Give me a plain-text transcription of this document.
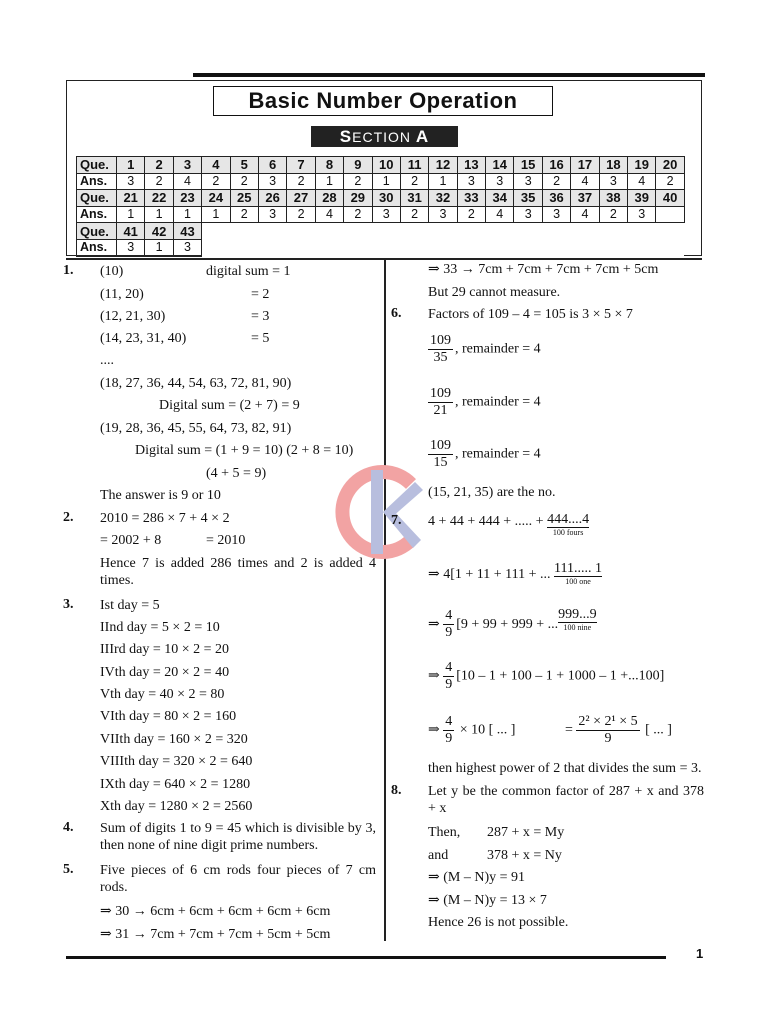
Basic Number Operation
SECTION A
Que.	1	2	3	4	5	6	7	8	9	10	11	12	13	14	15	16	17	18	19	20
Ans.	3	2	4	2	2	3	2	1	2	1	2	1	3	3	3	2	4	3	4	2
Que.	21	22	23	24	25	26	27	28	29	30	31	32	33	34	35	36	37	38	39	40
Ans.	1	1	1	1	2	3	2	4	2	3	2	3	2	4	3	3	4	2	3	
Que.	41	42	43																	
Ans.	3	1	3																	
1. (10)	digital sum = 1
(11, 20)	= 2
(12, 21, 30)	= 3
(14, 23, 31, 40)	= 5
....
(18, 27, 36, 44, 54, 63, 72, 81, 90)
Digital sum = (2 + 7) = 9
(19, 28, 36, 45, 55, 64, 73, 82, 91)
Digital sum = (1 + 9 = 10) (2 + 8 = 10)
(4 + 5 = 9)
The answer is 9 or 10
2. 2010 = 286 × 7 + 4 × 2
= 2002 + 8	= 2010
Hence 7 is added 286 times and 2 is added 4 times.
3. Ist day = 5
IInd day = 5 × 2 = 10
IIIrd day = 10 × 2 = 20
IVth day = 20 × 2 = 40
Vth day = 40 × 2 = 80
VIth day = 80 × 2 = 160
VIIth day = 160 × 2 = 320
VIIIth day = 320 × 2 = 640
IXth day = 640 × 2 = 1280
Xth day = 1280 × 2 = 2560
4. Sum of digits 1 to 9 = 45 which is divisible by 3, then none of nine digit prime numbers.
5. Five pieces of 6 cm rods four pieces of 7 cm rods.
⇒ 30 → 6cm + 6cm + 6cm + 6cm + 6cm
⇒ 31 → 7cm + 7cm + 7cm + 5cm + 5cm
⇒ 33 → 7cm + 7cm + 7cm + 7cm + 5cm
But 29 cannot measure.
6. Factors of 109 – 4 = 105 is 3 × 5 × 7
$\frac{109}{35}$ , remainder = 4
$\frac{109}{21}$ , remainder = 4
$\frac{109}{15}$ , remainder = 4
(15, 21, 35) are the no.
7. 4 + 44 + 444 + ..... + 444....4
100 fours
⇒ 4[1 + 11 + 111 + ... 111..... 1
100 one
⇒ $\frac{4}{9} [9 + 99 + 999$ + ...
999...9
100 nine
⇒ $\frac{4}{9} [10 - 1 + 100 - 1 + 1000 - 1 +...100]$
⇒ $\frac{4}{9} \times 10$ [ ... ]	= $\frac{\text{2² × 2¹ × 5}}{9}$ [ ... ]
then highest power of 2 that divides the sum = 3.
8. Let y be the common factor of 287 + x and 378 + x
Then, 287 + x = My
and	378 + x = Ny
⇒ (M – N)y = 91
⇒ (M – N)y = 13 × 7
Hence 26 is not possible.
1
